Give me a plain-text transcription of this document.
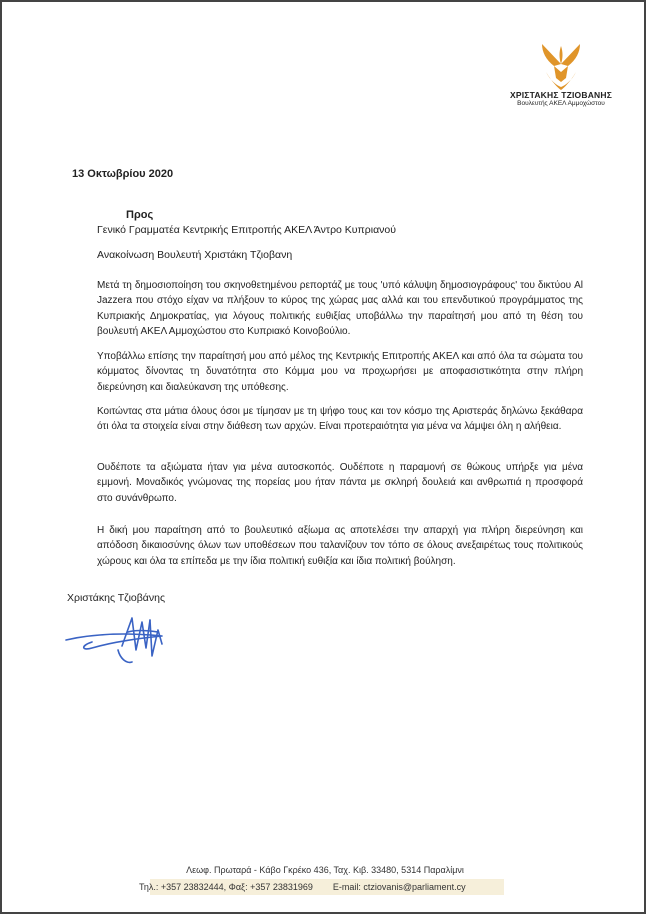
ΧΡΙΣΤΑΚΗΣ ΤΖΙΟΒΑΝΗΣ
Βουλευτής ΑΚΕΛ Αμμοχώστου
13 Οκτωβρίου 2020
Προς
Γενικό Γραμματέα Κεντρικής Επιτροπής ΑΚΕΛ Άντρο Κυπριανού
Ανακοίνωση Βουλευτή Χριστάκη Τζιοβανη
Μετά τη δημοσιοποίηση του σκηνοθετημένου ρεπορτάζ με τους 'υπό κάλυψη δημοσιογράφους' του δικτύου Al Jazzera που στόχο είχαν να πλήξουν το κύρος της χώρας μας αλλά και του επενδυτικού προγράμματος της Κυπριακής Δημοκρατίας, για λόγους πολιτικής ευθιξίας υποβάλλω την παραίτησή μου από τη θέση του βουλευτή ΑΚΕΛ Αμμοχώστου στο Κυπριακό Κοινοβούλιο.
Υποβάλλω επίσης την παραίτησή μου από μέλος της Κεντρικής Επιτροπής ΑΚΕΛ και από όλα τα σώματα του κόμματος δίνοντας τη δυνατότητα στο Κόμμα μου να προχωρήσει με αποφασιστικότητα στην πλήρη διερεύνηση και διαλεύκανση της υπόθεσης.
Κοιτώντας στα μάτια όλους όσοι με τίμησαν με τη ψήφο τους και τον κόσμο της Αριστεράς δηλώνω ξεκάθαρα ότι όλα τα στοιχεία είναι στην διάθεση των αρχών. Είναι προτεραιότητα για μένα να λάμψει όλη η αλήθεια.
Ουδέποτε τα αξιώματα ήταν για μένα αυτοσκοπός. Ουδέποτε η παραμονή σε θώκους υπήρξε για μένα εμμονή. Μοναδικός γνώμονας της πορείας μου ήταν πάντα με σκληρή δουλειά και ανθρωπιά η προσφορά στο συνάνθρωπο.
Η δική μου παραίτηση από το βουλευτικό αξίωμα ας αποτελέσει την απαρχή για πλήρη διερεύνηση και απόδοση δικαιοσύνης όλων των υποθέσεων που ταλανίζουν τον τόπο σε όλους ανεξαιρέτως τους πολιτικούς χώρους και όλα τα επίπεδα με την ίδια πολιτική ευθιξία και ίδια πολιτική βούληση.
Χριστάκης Τζιοβάνης
Λεωφ. Πρωταρά - Κάβο Γκρέκο 436, Ταχ. Κιβ. 33480, 5314 Παραλίμνι
Τηλ.: +357 23832444, Φαξ: +357 23831969        E-mail: ctziovanis@parliament.cy
